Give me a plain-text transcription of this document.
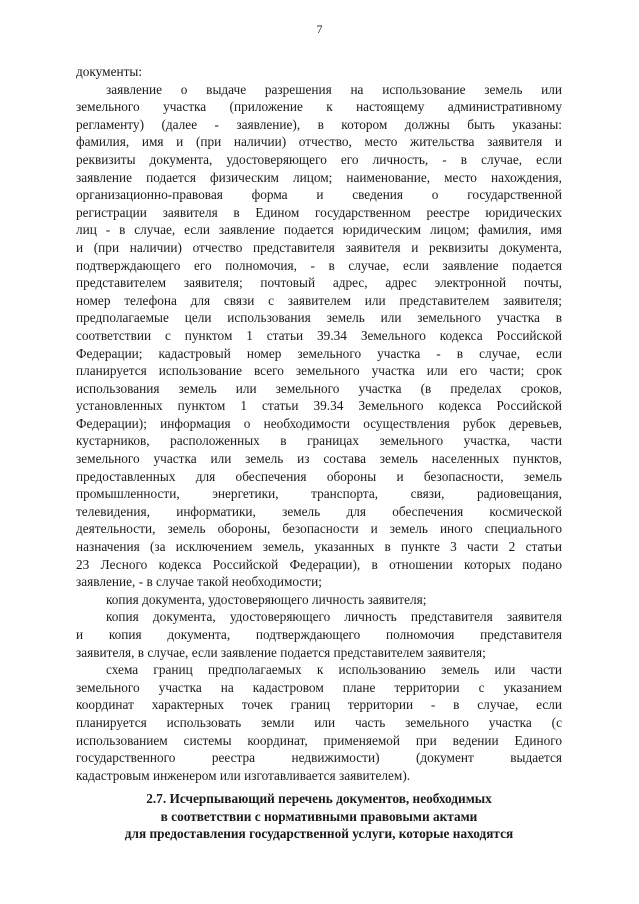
7
документы:
заявление о выдаче разрешения на использование земель или
земельного участка (приложение к настоящему административному
регламенту) (далее - заявление), в котором должны быть указаны:
фамилия, имя и (при наличии) отчество, место жительства заявителя и
реквизиты документа, удостоверяющего его личность, - в случае, если
заявление подается физическим лицом; наименование, место нахождения,
организационно-правовая форма и сведения о государственной
регистрации заявителя в Едином государственном реестре юридических
лиц - в случае, если заявление подается юридическим лицом; фамилия, имя
и (при наличии) отчество представителя заявителя и реквизиты документа,
подтверждающего его полномочия, - в случае, если заявление подается
представителем заявителя; почтовый адрес, адрес электронной почты,
номер телефона для связи с заявителем или представителем заявителя;
предполагаемые цели использования земель или земельного участка в
соответствии с пунктом 1 статьи 39.34 Земельного кодекса Российской
Федерации; кадастровый номер земельного участка - в случае, если
планируется использование всего земельного участка или его части; срок
использования земель или земельного участка (в пределах сроков,
установленных пунктом 1 статьи 39.34 Земельного кодекса Российской
Федерации); информация о необходимости осуществления рубок деревьев,
кустарников, расположенных в границах земельного участка, части
земельного участка или земель из состава земель населенных пунктов,
предоставленных для обеспечения обороны и безопасности, земель
промышленности, энергетики, транспорта, связи, радиовещания,
телевидения, информатики, земель для обеспечения космической
деятельности, земель обороны, безопасности и земель иного специального
назначения (за исключением земель, указанных в пункте 3 части 2 статьи
23 Лесного кодекса Российской Федерации), в отношении которых подано
заявление, - в случае такой необходимости;
копия документа, удостоверяющего личность заявителя;
копия документа, удостоверяющего личность представителя заявителя
и копия документа, подтверждающего полномочия представителя
заявителя, в случае, если заявление подается представителем заявителя;
схема границ предполагаемых к использованию земель или части
земельного участка на кадастровом плане территории с указанием
координат характерных точек границ территории - в случае, если
планируется использовать земли или часть земельного участка (с
использованием системы координат, применяемой при ведении Единого
государственного реестра недвижимости) (документ выдается
кадастровым инженером или изготавливается заявителем).
2.7. Исчерпывающий перечень документов, необходимых
в соответствии с нормативными правовыми актами
для предоставления государственной услуги, которые находятся
